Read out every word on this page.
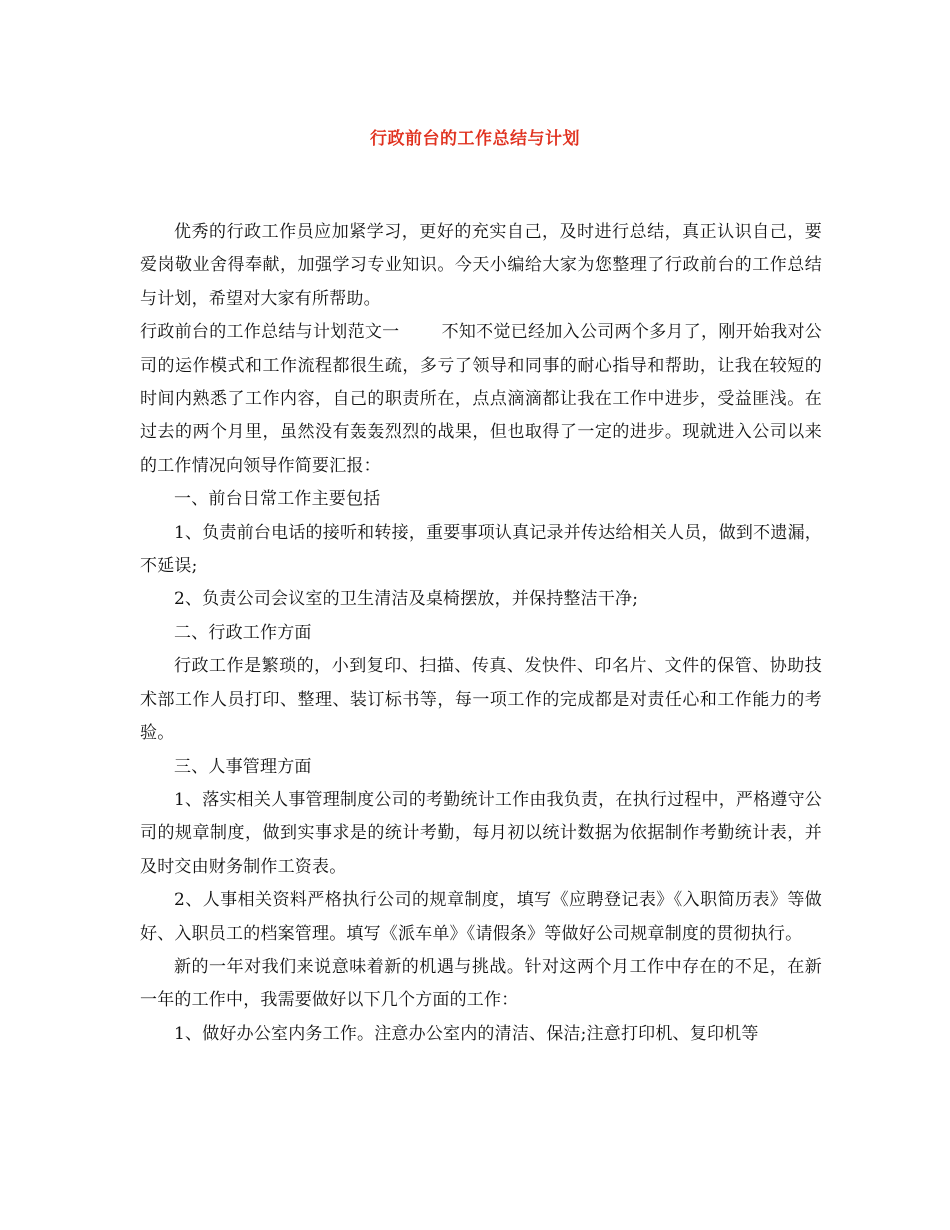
行政前台的工作总结与计划

优秀的行政工作员应加紧学习，更好的充实自己，及时进行总结，真正认识自己，要爱岗敬业舍得奉献，加强学习专业知识。今天小编给大家为您整理了行政前台的工作总结与计划，希望对大家有所帮助。

行政前台的工作总结与计划范文一 不知不觉已经加入公司两个多月了，刚开始我对公司的运作模式和工作流程都很生疏，多亏了领导和同事的耐心指导和帮助，让我在较短的时间内熟悉了工作内容，自己的职责所在，点点滴滴都让我在工作中进步，受益匪浅。在过去的两个月里，虽然没有轰轰烈烈的战果，但也取得了一定的进步。现就进入公司以来的工作情况向领导作简要汇报：

一、前台日常工作主要包括

1、负责前台电话的接听和转接，重要事项认真记录并传达给相关人员，做到不遗漏，不延误;

2、负责公司会议室的卫生清洁及桌椅摆放，并保持整洁干净;

二、行政工作方面

行政工作是繁琐的，小到复印、扫描、传真、发快件、印名片、文件的保管、协助技术部工作人员打印、整理、装订标书等，每一项工作的完成都是对责任心和工作能力的考验。

三、人事管理方面

1、落实相关人事管理制度公司的考勤统计工作由我负责，在执行过程中，严格遵守公司的规章制度，做到实事求是的统计考勤，每月初以统计数据为依据制作考勤统计表，并及时交由财务制作工资表。

2、人事相关资料严格执行公司的规章制度，填写《应聘登记表》《入职简历表》等做好、入职员工的档案管理。填写《派车单》《请假条》等做好公司规章制度的贯彻执行。

新的一年对我们来说意味着新的机遇与挑战。针对这两个月工作中存在的不足，在新一年的工作中，我需要做好以下几个方面的工作：

1、做好办公室内务工作。注意办公室内的清洁、保洁;注意打印机、复印机等
